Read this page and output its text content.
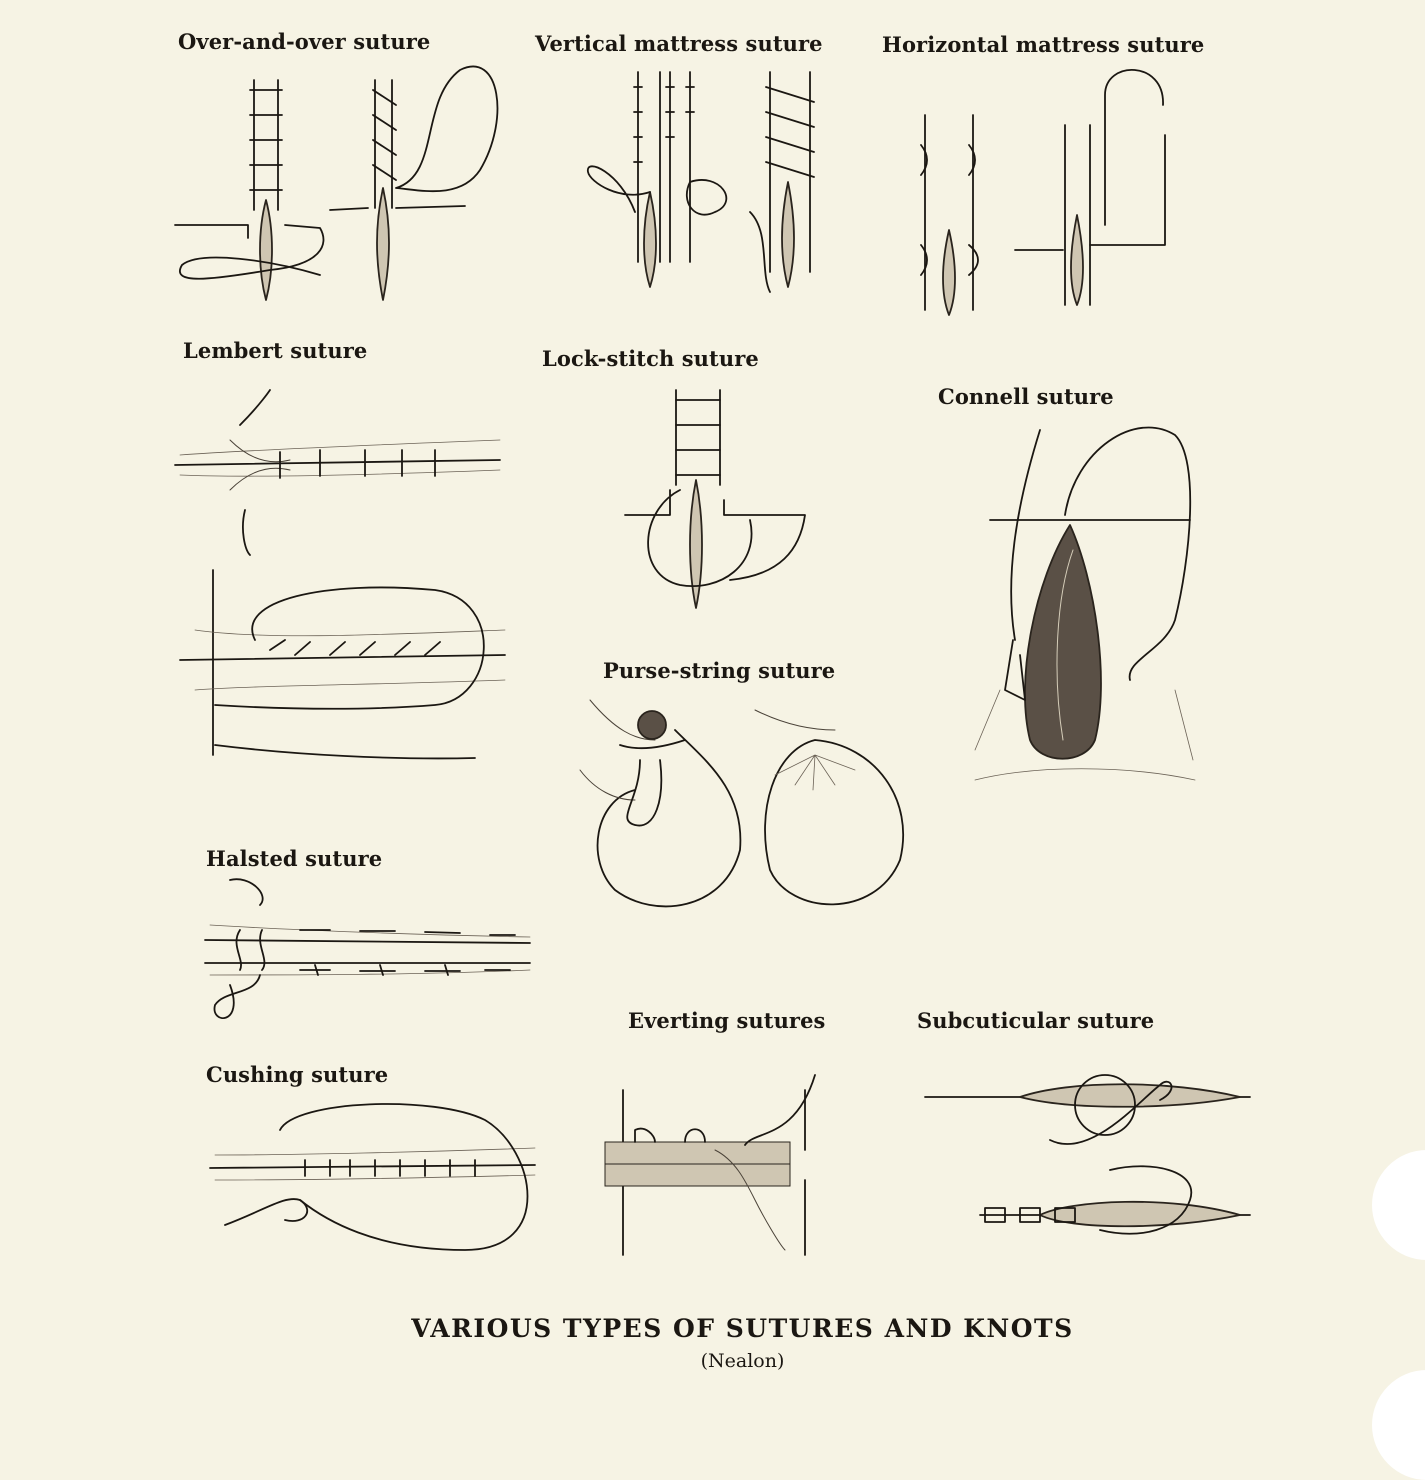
Over-and-over suture	Vertical mattress suture	Horizontal mattress suture
Lembert suture	Lock-stitch suture
Connell suture
Purse-string suture
Halsted suture
Cushing suture
Everting sutures	Subcuticular suture
VARIOUS TYPES OF SUTURES AND KNOTS
(Nealon)
